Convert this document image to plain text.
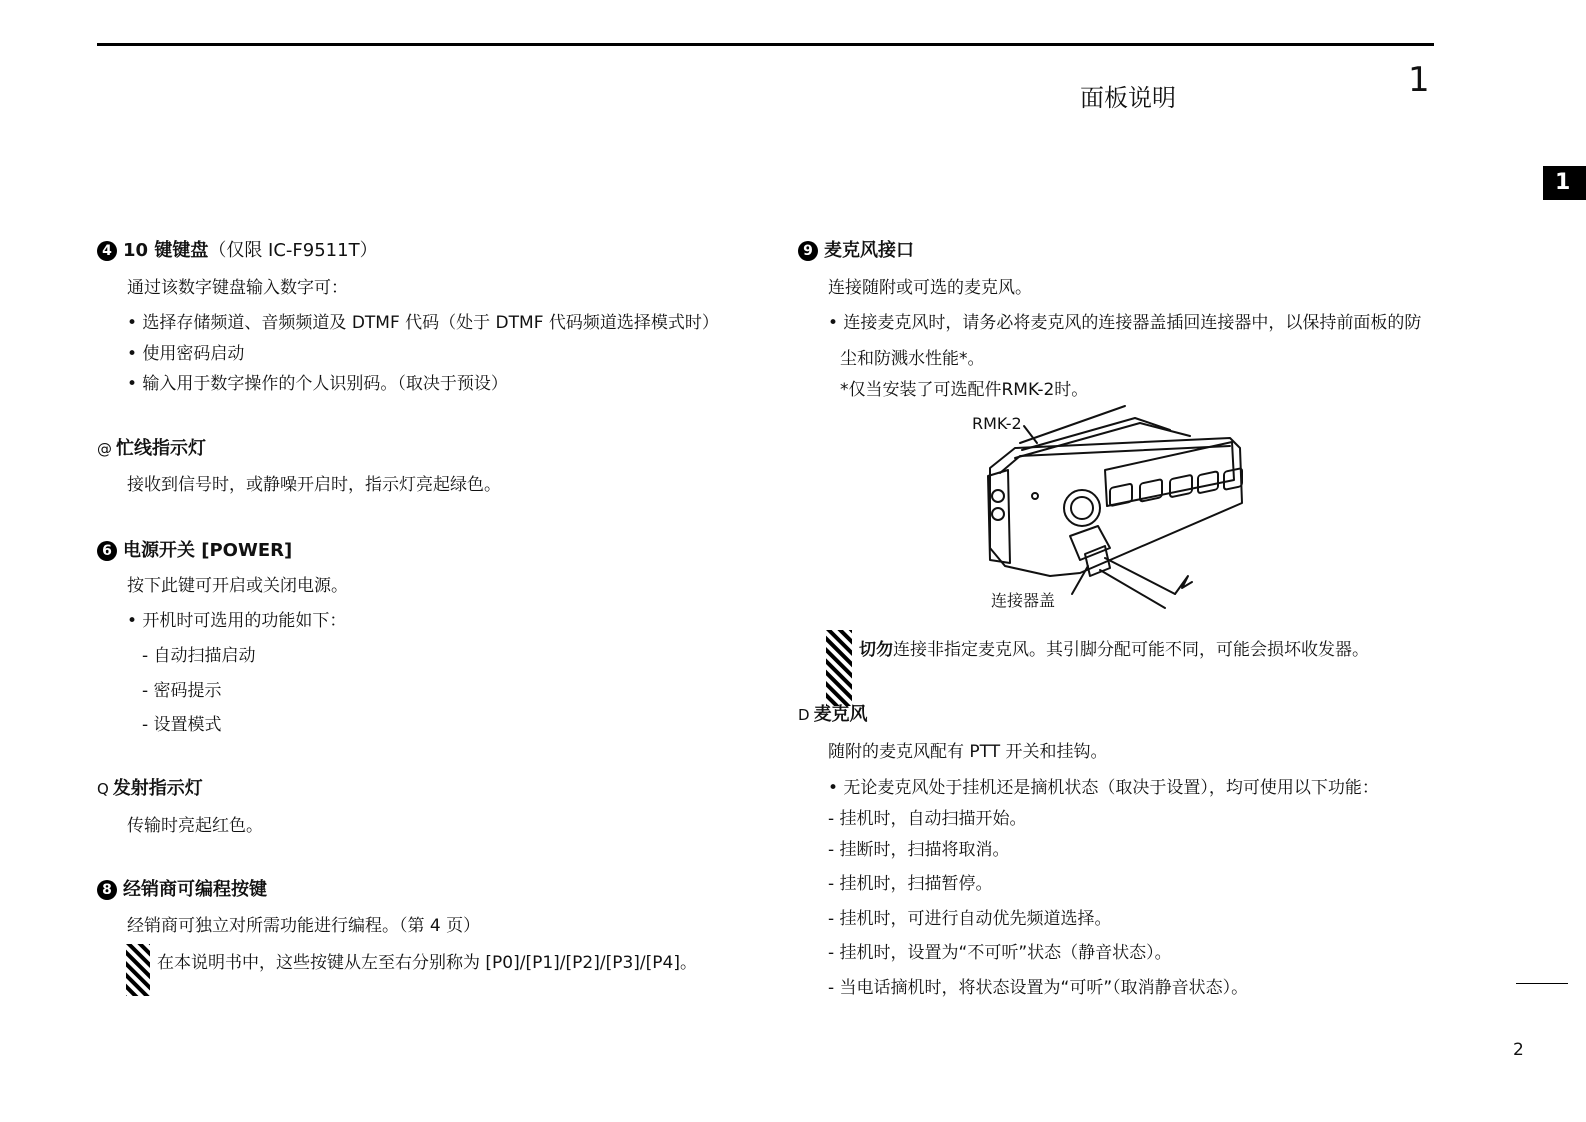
面板说明	1
1
2
4 10 键键盘（仅限 IC-F9511T）
通过该数字键盘输入数字可：
• 选择存储频道、音频频道及 DTMF 代码（处于 DTMF 代码频道选择模式时）
• 使用密码启动
• 输入用于数字操作的个人识别码。（取决于预设）
@ 忙线指示灯
接收到信号时，或静噪开启时，指示灯亮起绿色。
6 电源开关 [POWER]
按下此键可开启或关闭电源。
• 开机时可选用的功能如下：
- 自动扫描启动
- 密码提示
- 设置模式
Q 发射指示灯
传输时亮起红色。
8 经销商可编程按键
经销商可独立对所需功能进行编程。（第 4 页）
在本说明书中，这些按键从左至右分别称为 [P0]/[P1]/[P2]/[P3]/[P4]。
9 麦克风接口
连接随附或可选的麦克风。
• 连接麦克风时，请务必将麦克风的连接器盖插回连接器中，以保持前面板的防
尘和防溅水性能*。
*仅当安装了可选配件RMK-2时。
RMK-2
连接器盖
切勿连接非指定麦克风。其引脚分配可能不同，可能会损坏收发器。
D 麦克风
随附的麦克风配有 PTT 开关和挂钩。
• 无论麦克风处于挂机还是摘机状态（取决于设置），均可使用以下功能：
- 挂机时，自动扫描开始。
- 挂断时，扫描将取消。
- 挂机时，扫描暂停。
- 挂机时，可进行自动优先频道选择。
- 挂机时，设置为“不可听”状态（静音状态）。
- 当电话摘机时，将状态设置为“可听”（取消静音状态）。
